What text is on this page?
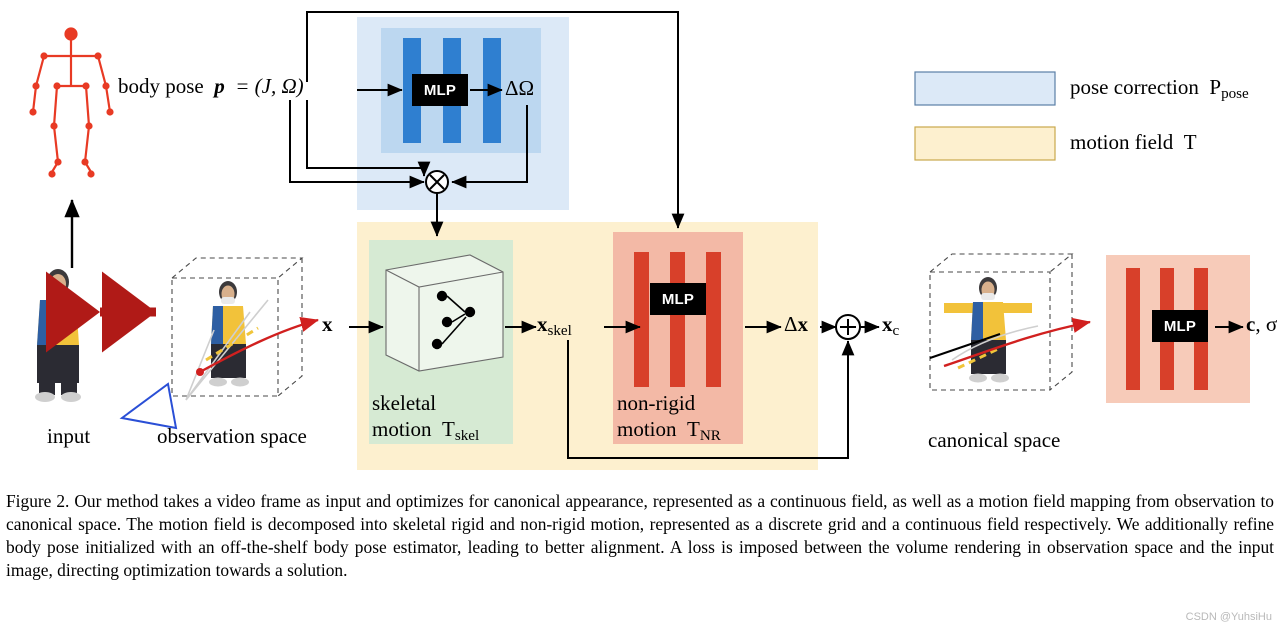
MLP
MLP
MLP
body pose  p  = (J, Ω)	ΔΩ
x	$x_{skel}$	Δx	$x_c$	c, σ
input	observation space	canonical space
skeletal
motion  $T_{skel}$
non-rigid
motion  $T_{NR}$
pose correction  $P_{pose}$
motion field  T
Figure 2. Our method takes a video frame as input and optimizes for canonical appearance, represented as a continuous field, as well as a motion field mapping from observation to canonical space. The motion field is decomposed into skeletal rigid and non-rigid motion, represented as a discrete grid and a continuous field respectively. We additionally refine body pose initialized with an off-the-shelf body pose estimator, leading to better alignment. A loss is imposed between the volume rendering in observation space and the input image, directing optimization towards a solution.
CSDN @YuhsiHu
